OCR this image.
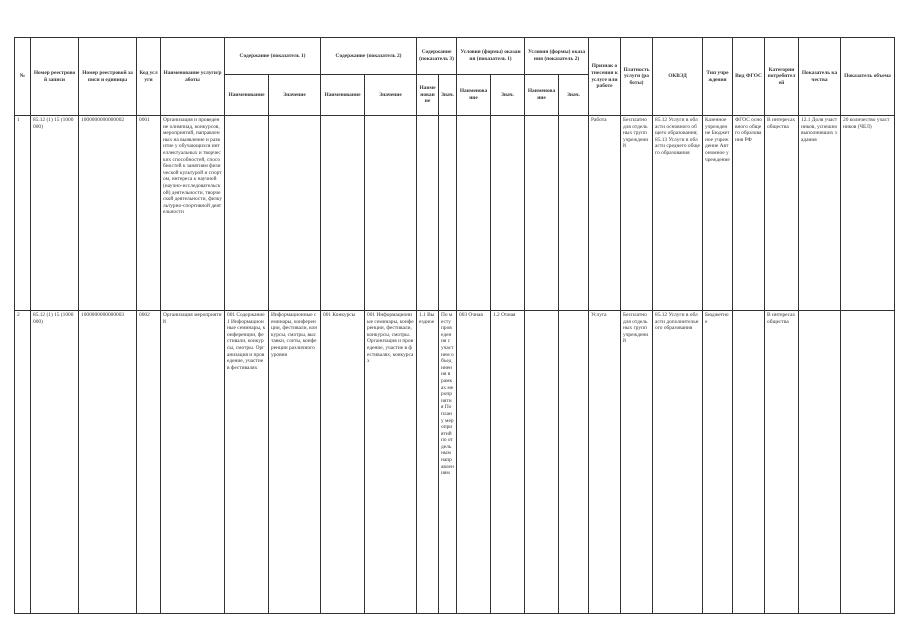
№	Номер реестровой записи	Номер реестровой записи и единицы	Код услуги	Наименование услуги/работы	Содержание (показатель 1)		Содержание (показатель 2)		Содержание (показатель 3)		Условия (формы) оказания (показатель 1)		Условия (формы) оказания (показатель 2)		Признак отнесения к услуге или работе	Платность услуги (работы)	ОКВЭД	Тип учреждения	Вид ФГОС	Категории потребителей	Показатель качества	Показатель объема
					Наименование	Значение	Наименование	Значение	Наименование	Знач.	Наименование	Знач.	Наименование	Знач.								
1	85.12 (1) 15 (1000000)	1000000000000002	0001	Организация и проведение олимпиад, конкурсов, мероприятий, направленных на выявление и развитие у обучающихся интеллектуальных и творческих способностей, способностей к занятиям физической культурой и спортом, интереса к научной (научно-исследовательской) деятельности, творческой деятельности, физкультурно-спортивной деятельности											Работа	Бесплатно для отдельных групп учреждений	85.12 Услуги в области основного общего образования; 85.13 Услуги в области среднего общего образования	Казенное учреждение Бюджетное учреждение Автономное учреждение	ФГОС основного общего образования РФ	В интересах общества	12.1 Доля участников, успешно выполнивших задания	20 количество участников (ЧЕЛ)
2	85.12 (1) 15 (1000000)	1000000000000003	0002	Организация мероприятий	001 Содержание 1 Информационные семинары, конференции, фестивали, конкурсы, смотры. Организация и проведение, участие в фестивалях	Информационные семинары, конференции, фестивали, конкурсы, смотры, выставки, слеты, конференции различного уровня	001 Конкурсы	001 Информационные семинары, конференции, фестивали, конкурсы, смотры. Организация и проведение, участие в фестивалях, конкурсах	1.1 Выездное	По месту проведения с участием объединения в рамках мероприятия По плану мероприятий по отдельным направлениям	003 Очная	1.2 Очная			Услуга	Бесплатно для отдельных групп учреждений	85.12 Услуги в области дополнительного образования	Бюджетное		В интересах общества		
